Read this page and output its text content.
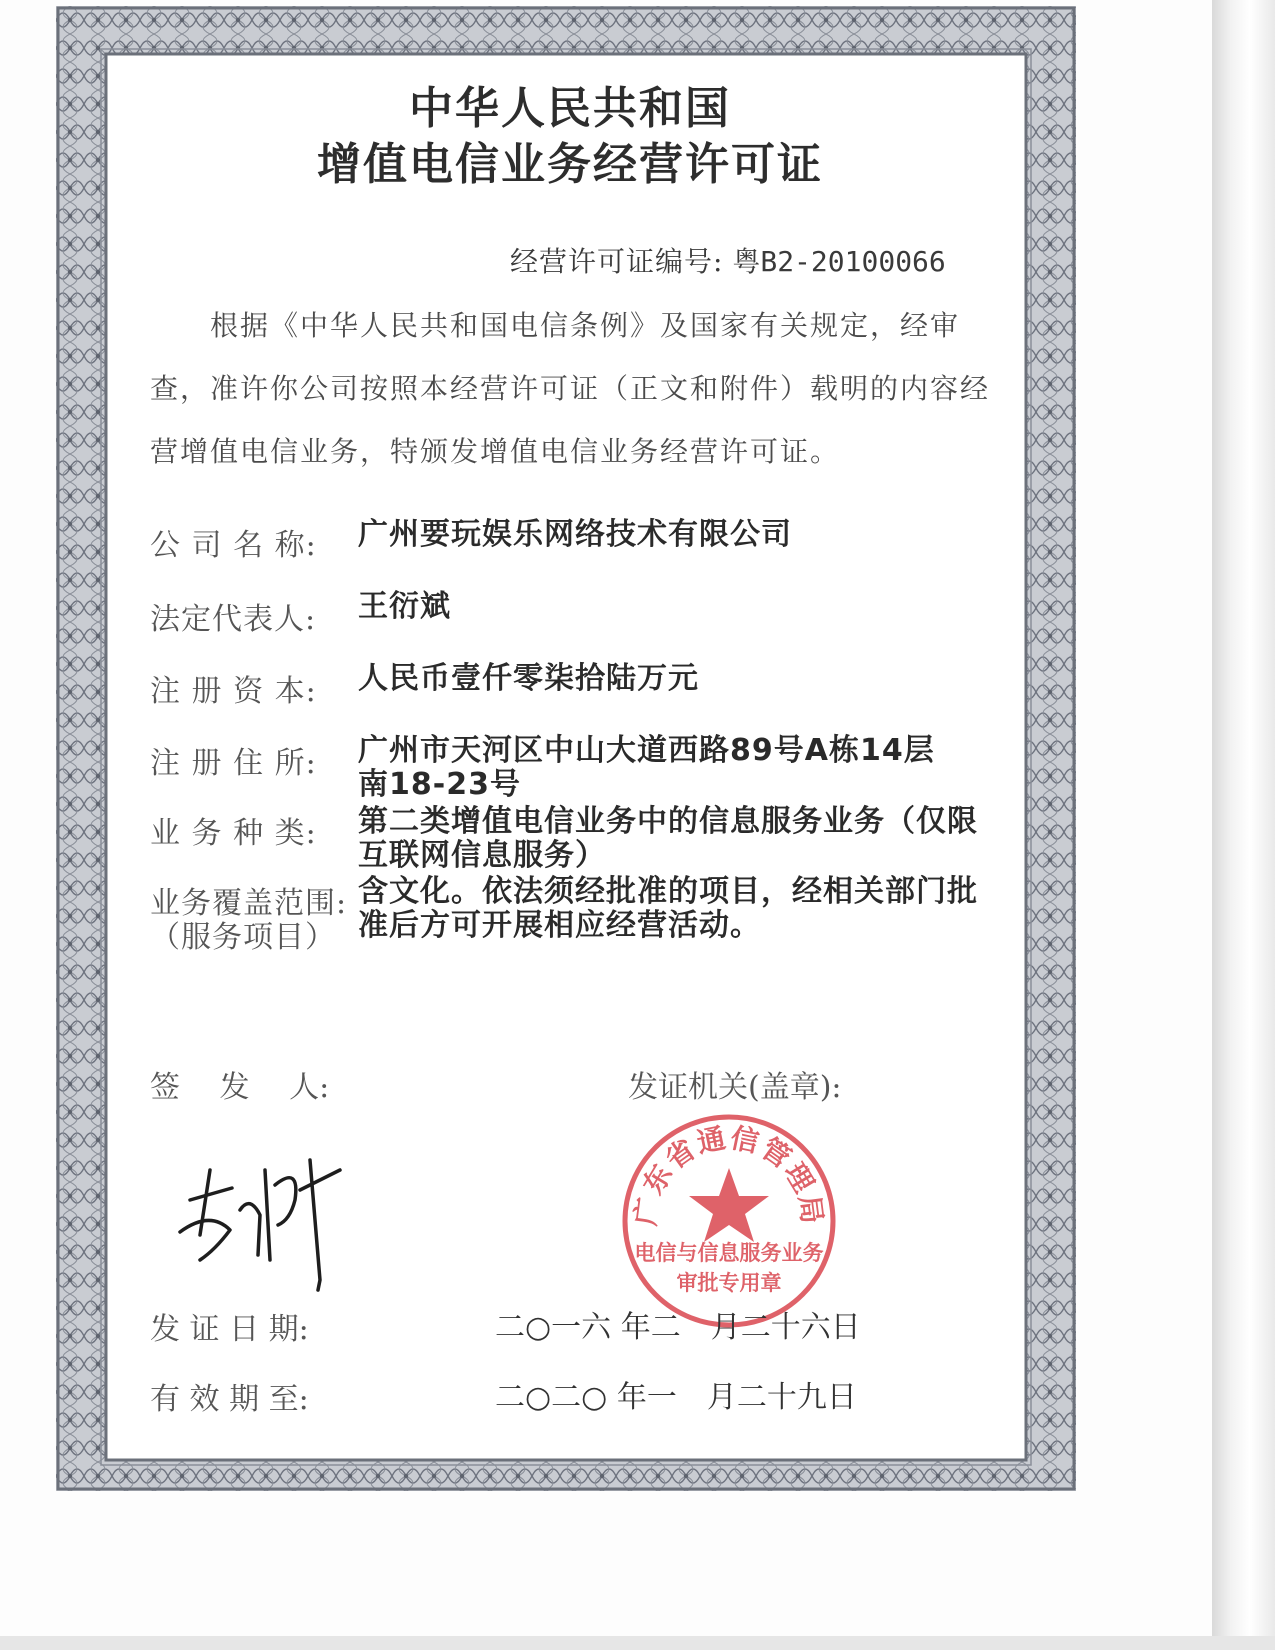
中华人民共和国
增值电信业务经营许可证
经营许可证编号: 粤B2-20100066
根据《中华人民共和国电信条例》及国家有关规定，经审查，准许你公司按照本经营许可证（正文和附件）载明的内容经营增值电信业务，特颁发增值电信业务经营许可证。
公 司 名 称: 广州要玩娱乐网络技术有限公司
法定代表人: 王衍斌
注 册 资 本: 人民币壹仟零柒拾陆万元
注 册 住 所: 广州市天河区中山大道西路89号A栋14层
南18-23号
业 务 种 类: 第二类增值电信业务中的信息服务业务（仅限
互联网信息服务）
业务覆盖范围:
（服务项目）
含文化。依法须经批准的项目，经相关部门批
准后方可开展相应经营活动。
签　 发　 人:	发证机关(盖章):
广东省通信管理局
电信与信息服务业务
审批专用章
发 证 日 期:	二○一六 年二　月二十六日
有 效 期 至:	二○二○ 年一　月二十九日
